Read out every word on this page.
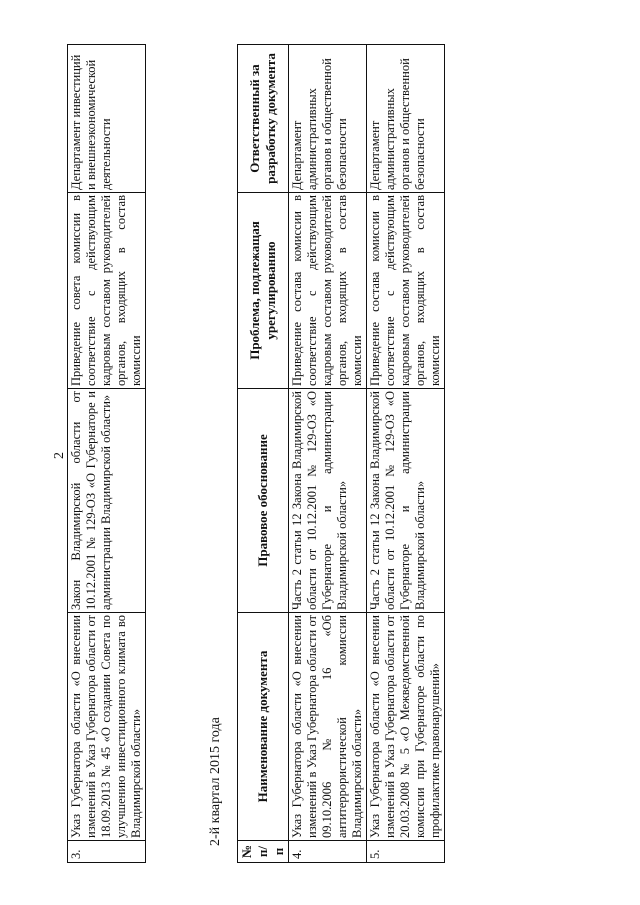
2
3.	Указ Губернатора области «О внесении изменений в Указ Губернатора области от 18.09.2013 № 45 «О создании Совета по улучшению инвестиционного климата во Владимирской области»	Закон Владимирской области от 10.12.2001 № 129-ОЗ «О Губернаторе и администрации Владимирской области»	Приведение совета комиссии в соответствие с действующим кадровым составом руководителей органов, входящих в состав комиссии	Департамент инвестиций и внешнеэкономической деятельности
2-й квартал 2015 года
№ п/п	Наименование документа	Правовое обоснование	Проблема, подлежащая урегулированию	Ответственный за разработку документа
4.	Указ Губернатора области «О внесении изменений в Указ Губернатора области от 09.10.2006 № 16 «Об антитеррористической комиссии Владимирской области»	Часть 2 статьи 12 Закона Владимирской области от 10.12.2001 № 129-ОЗ «О Губернаторе и администрации Владимирской области»	Приведение состава комиссии в соответствие с действующим кадровым составом руководителей органов, входящих в состав комиссии	Департамент административных органов и общественной безопасности
5.	Указ Губернатора области «О внесении изменений в Указ Губернатора области от 20.03.2008 № 5 «О Межведомственной комиссии при Губернаторе области по профилактике правонарушений»	Часть 2 статьи 12 Закона Владимирской области от 10.12.2001 № 129-ОЗ «О Губернаторе и администрации Владимирской области»	Приведение состава комиссии в соответствие с действующим кадровым составом руководителей органов, входящих в состав комиссии	Департамент административных органов и общественной безопасности
